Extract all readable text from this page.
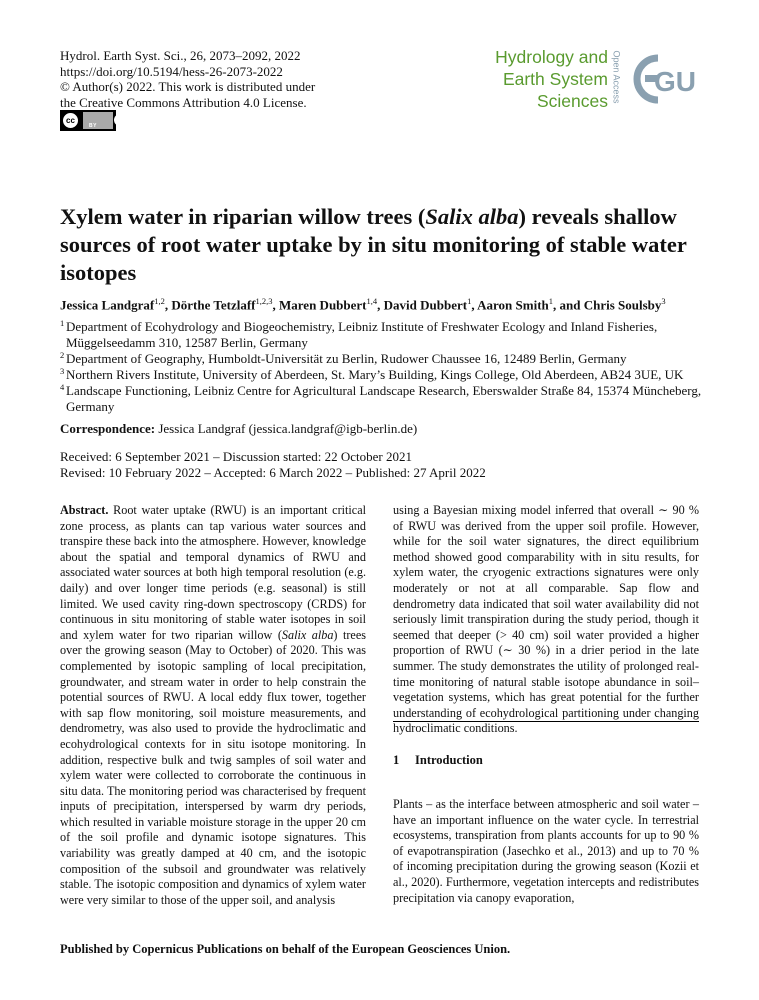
Hydrol. Earth Syst. Sci., 26, 2073–2092, 2022
https://doi.org/10.5194/hess-26-2073-2022
© Author(s) 2022. This work is distributed under
the Creative Commons Attribution 4.0 License.
cc
BY
Hydrology and
Earth System
Sciences Open Access GU
Xylem water in riparian willow trees (Salix alba) reveals shallow sources of root water uptake by in situ monitoring of stable water isotopes
Jessica Landgraf$^{1,2}$, Dörthe Tetzlaff$^{1,2,3}$, Maren Dubbert$^{1,4}$, David Dubbert$^1$, Aaron Smith$^1$, and Chris Soulsby$^3$
1 Department of Ecohydrology and Biogeochemistry, Leibniz Institute of Freshwater Ecology and Inland Fisheries, Müggelseedamm 310, 12587 Berlin, Germany
2 Department of Geography, Humboldt-Universität zu Berlin, Rudower Chaussee 16, 12489 Berlin, Germany
3 Northern Rivers Institute, University of Aberdeen, St. Mary’s Building, Kings College, Old Aberdeen, AB24 3UE, UK
4 Landscape Functioning, Leibniz Centre for Agricultural Landscape Research, Eberswalder Straße 84, 15374 Müncheberg, Germany
Correspondence: Jessica Landgraf (jessica.landgraf@igb-berlin.de)
Received: 6 September 2021 – Discussion started: 22 October 2021
Revised: 10 February 2022 – Accepted: 6 March 2022 – Published: 27 April 2022

Abstract. Root water uptake (RWU) is an important critical zone process, as plants can tap various water sources and transpire these back into the atmosphere. However, knowledge about the spatial and temporal dynamics of RWU and associated water sources at both high temporal resolution (e.g. daily) and over longer time periods (e.g. seasonal) is still limited. We used cavity ring-down spectroscopy (CRDS) for continuous in situ monitoring of stable water isotopes in soil and xylem water for two riparian willow (Salix alba) trees over the growing season (May to October) of 2020. This was complemented by isotopic sampling of local precipitation, groundwater, and stream water in order to help constrain the potential sources of RWU. A local eddy flux tower, together with sap flow monitoring, soil moisture measurements, and dendrometry, was also used to provide the hydroclimatic and ecohydrological contexts for in situ isotope monitoring. In addition, respective bulk and twig samples of soil water and xylem water were collected to corroborate the continuous in situ data. The monitoring period was characterised by frequent inputs of precipitation, interspersed by warm dry periods, which resulted in variable moisture storage in the upper 20 cm of the soil profile and dynamic isotope signatures. This variability was greatly damped at 40 cm, and the isotopic composition of the subsoil and groundwater was relatively stable. The isotopic composition and dynamics of xylem water were very similar to those of the upper soil, and analysis

using a Bayesian mixing model inferred that overall ∼ 90 % of RWU was derived from the upper soil profile. However, while for the soil water signatures, the direct equilibrium method showed good comparability with in situ results, for xylem water, the cryogenic extractions signatures were only moderately or not at all comparable. Sap flow and dendrometry data indicated that soil water availability did not seriously limit transpiration during the study period, though it seemed that deeper (> 40 cm) soil water provided a higher proportion of RWU (∼ 30 %) in a drier period in the late summer. The study demonstrates the utility of prolonged real-time monitoring of natural stable isotope abundance in soil–vegetation systems, which has great potential for the further understanding of ecohydrological partitioning under changing hydroclimatic conditions.

1 Introduction

Plants – as the interface between atmospheric and soil water – have an important influence on the water cycle. In terrestrial ecosystems, transpiration from plants accounts for up to 90 % of evapotranspiration (Jasechko et al., 2013) and up to 70 % of incoming precipitation during the growing season (Kozii et al., 2020). Furthermore, vegetation intercepts and redistributes precipitation via canopy evaporation,

Published by Copernicus Publications on behalf of the European Geosciences Union.
